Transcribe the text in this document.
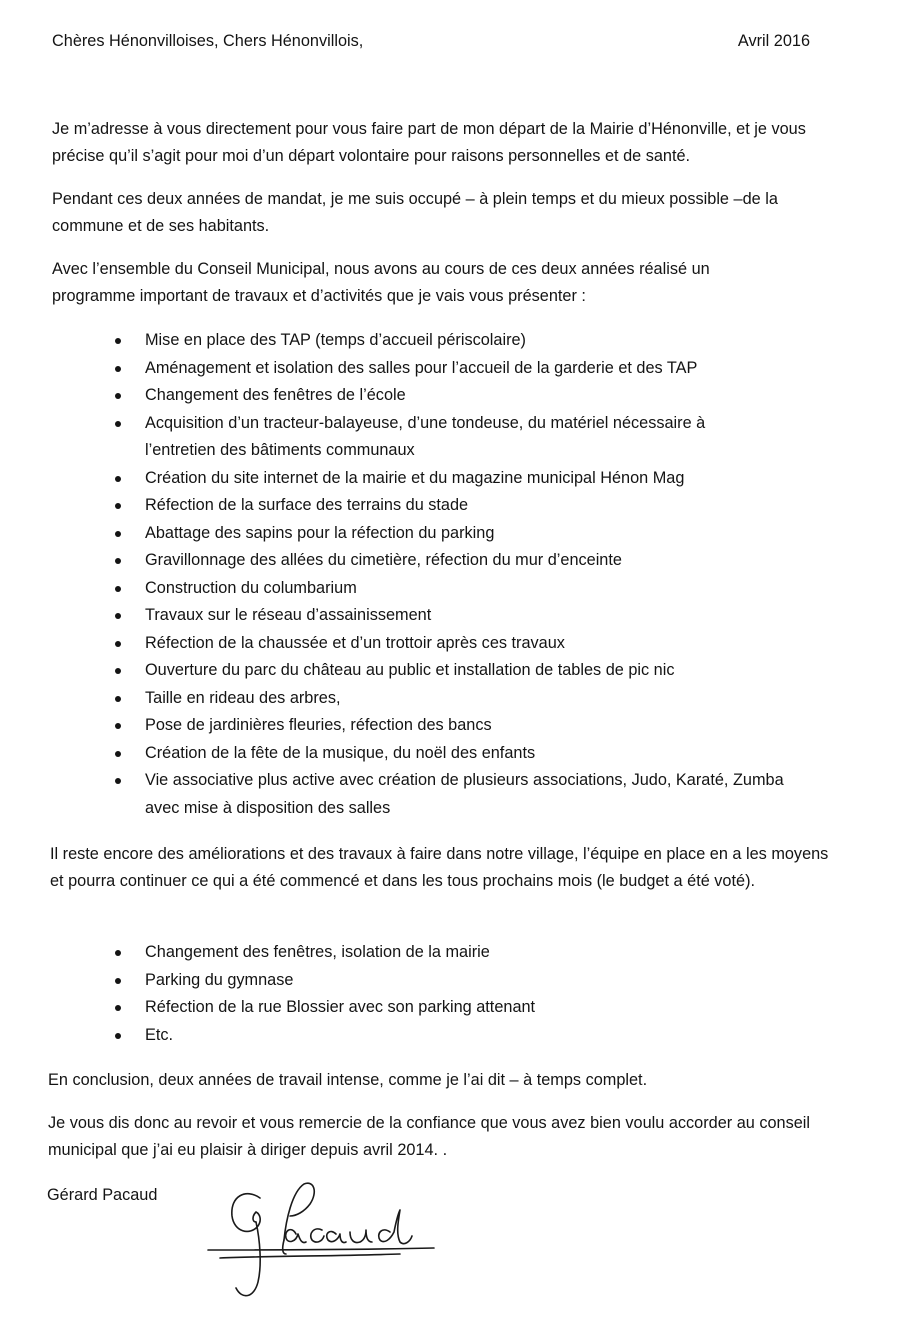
Chères Hénonvilloises, Chers Hénonvillois,	Avril 2016

Je m’adresse à vous directement pour vous faire part de mon départ de la Mairie d’Hénonville, et je vous précise qu’il s’agit pour moi d’un départ volontaire pour raisons personnelles et de santé.

Pendant ces deux années de mandat, je me suis occupé – à plein temps et du mieux possible –de la commune et de ses habitants.

Avec l’ensemble du Conseil Municipal, nous avons au cours de ces deux années réalisé un programme important de travaux et d’activités que je vais vous présenter :

Mise en place des TAP (temps d’accueil périscolaire)
Aménagement et isolation des salles pour l’accueil de la garderie et des TAP
Changement des fenêtres de l’école
Acquisition d’un tracteur-balayeuse, d’une tondeuse, du matériel nécessaire à l’entretien des bâtiments communaux
Création du site internet de la mairie et du magazine municipal Hénon Mag
Réfection de la surface des terrains du stade
Abattage des sapins pour la réfection du parking
Gravillonnage des allées du cimetière, réfection du mur d’enceinte
Construction du columbarium
Travaux sur le réseau d’assainissement
Réfection de la chaussée et d’un trottoir après ces travaux
Ouverture du parc du château au public et installation de tables de pic nic
Taille en rideau des arbres,
Pose de jardinières fleuries, réfection des bancs
Création de la fête de la musique, du noël des enfants
Vie associative plus active avec création de plusieurs associations, Judo, Karaté, Zumba avec mise à disposition des salles

Il reste encore des améliorations et des travaux à faire dans notre village, l’équipe en place en a les moyens et pourra continuer ce qui a été commencé et dans les tous prochains mois (le budget a été voté).

Changement des fenêtres, isolation de la mairie
Parking du gymnase
Réfection de la rue Blossier avec son parking attenant
Etc.

En conclusion, deux années de travail intense, comme je l’ai dit – à temps complet.

Je vous dis donc au revoir et vous remercie de la confiance que vous avez bien voulu accorder au conseil municipal que j’ai eu plaisir à diriger depuis avril 2014. .

Gérard Pacaud
